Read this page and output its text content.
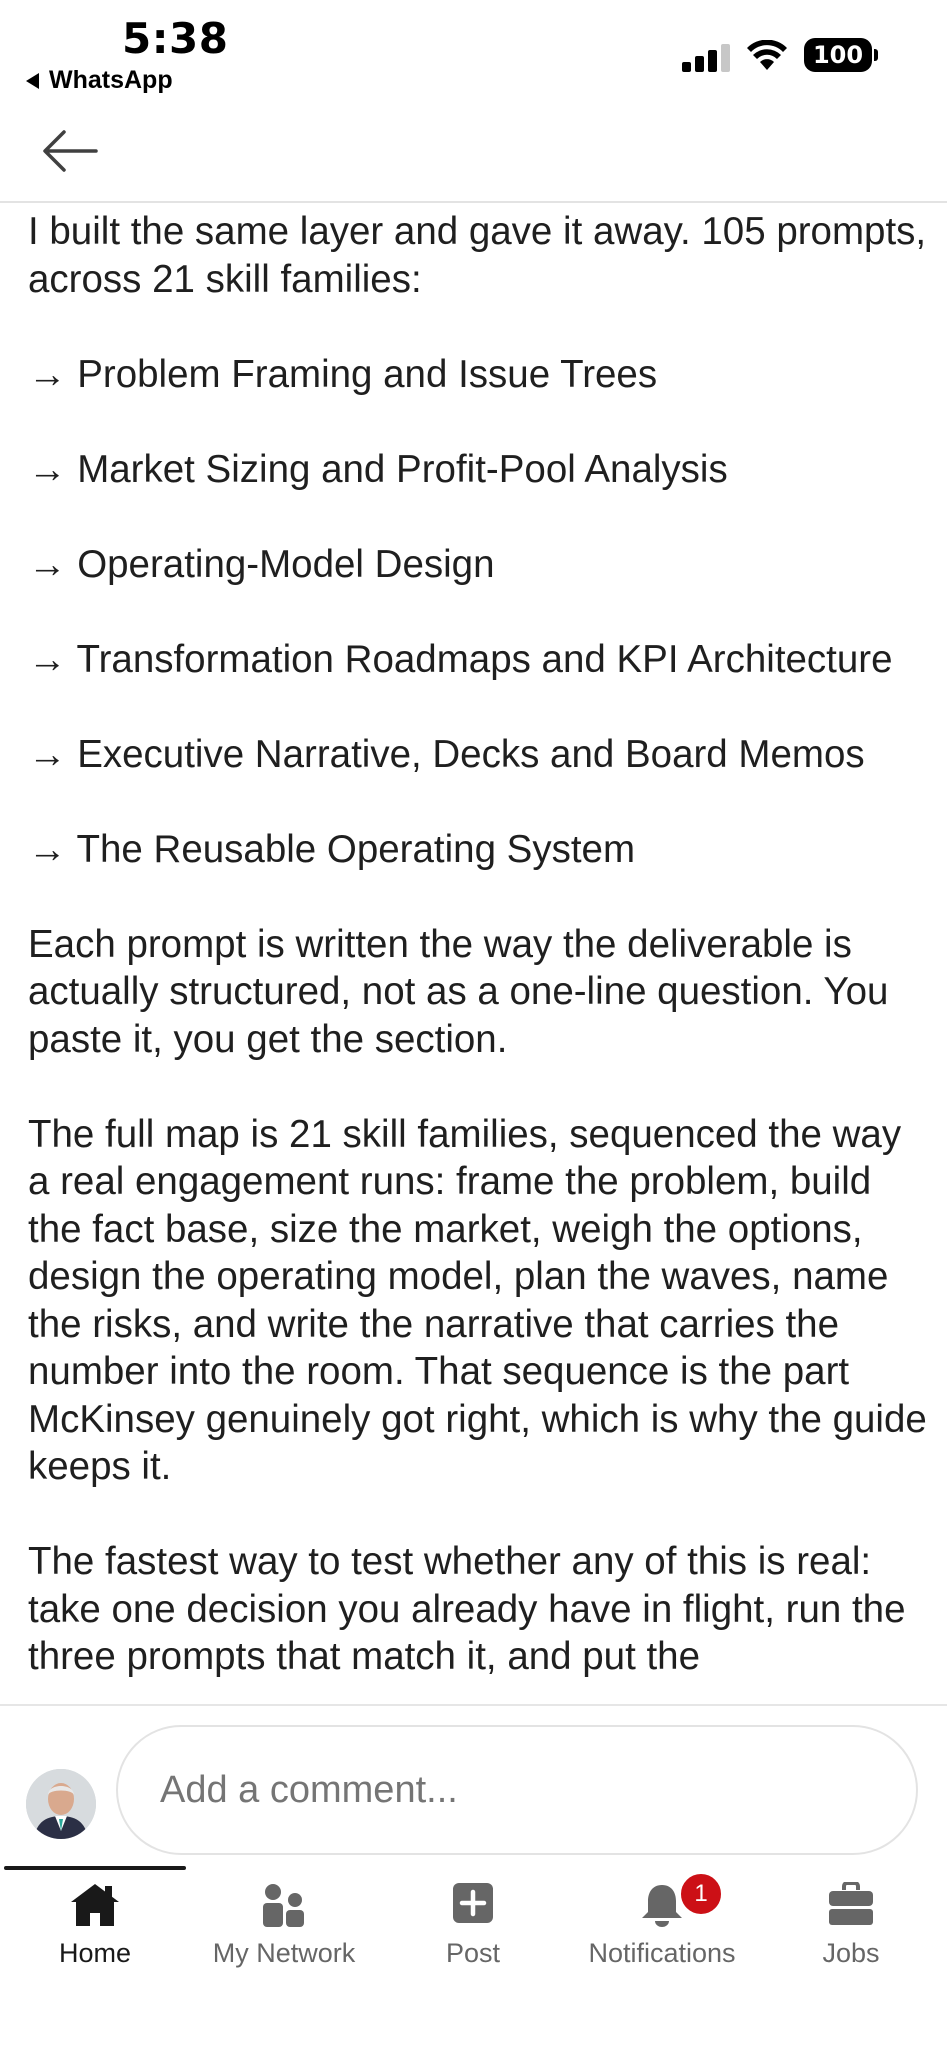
5:38
WhatsApp
100

I built the same layer and gave it away. 105 prompts, across 21 skill families:

→ Problem Framing and Issue Trees
→ Market Sizing and Profit-Pool Analysis
→ Operating-Model Design
→ Transformation Roadmaps and KPI Architecture
→ Executive Narrative, Decks and Board Memos
→ The Reusable Operating System

Each prompt is written the way the deliverable is actually structured, not as a one-line question. You paste it, you get the section.

The full map is 21 skill families, sequenced the way a real engagement runs: frame the problem, build the fact base, size the market, weigh the options, design the operating model, plan the waves, name the risks, and write the narrative that carries the number into the room. That sequence is the part McKinsey genuinely got right, which is why the guide keeps it.

The fastest way to test whether any of this is real: take one decision you already have in flight, run the three prompts that match it, and put the

Add a comment...
Home	My Network	Post	Notifications	Jobs
1
